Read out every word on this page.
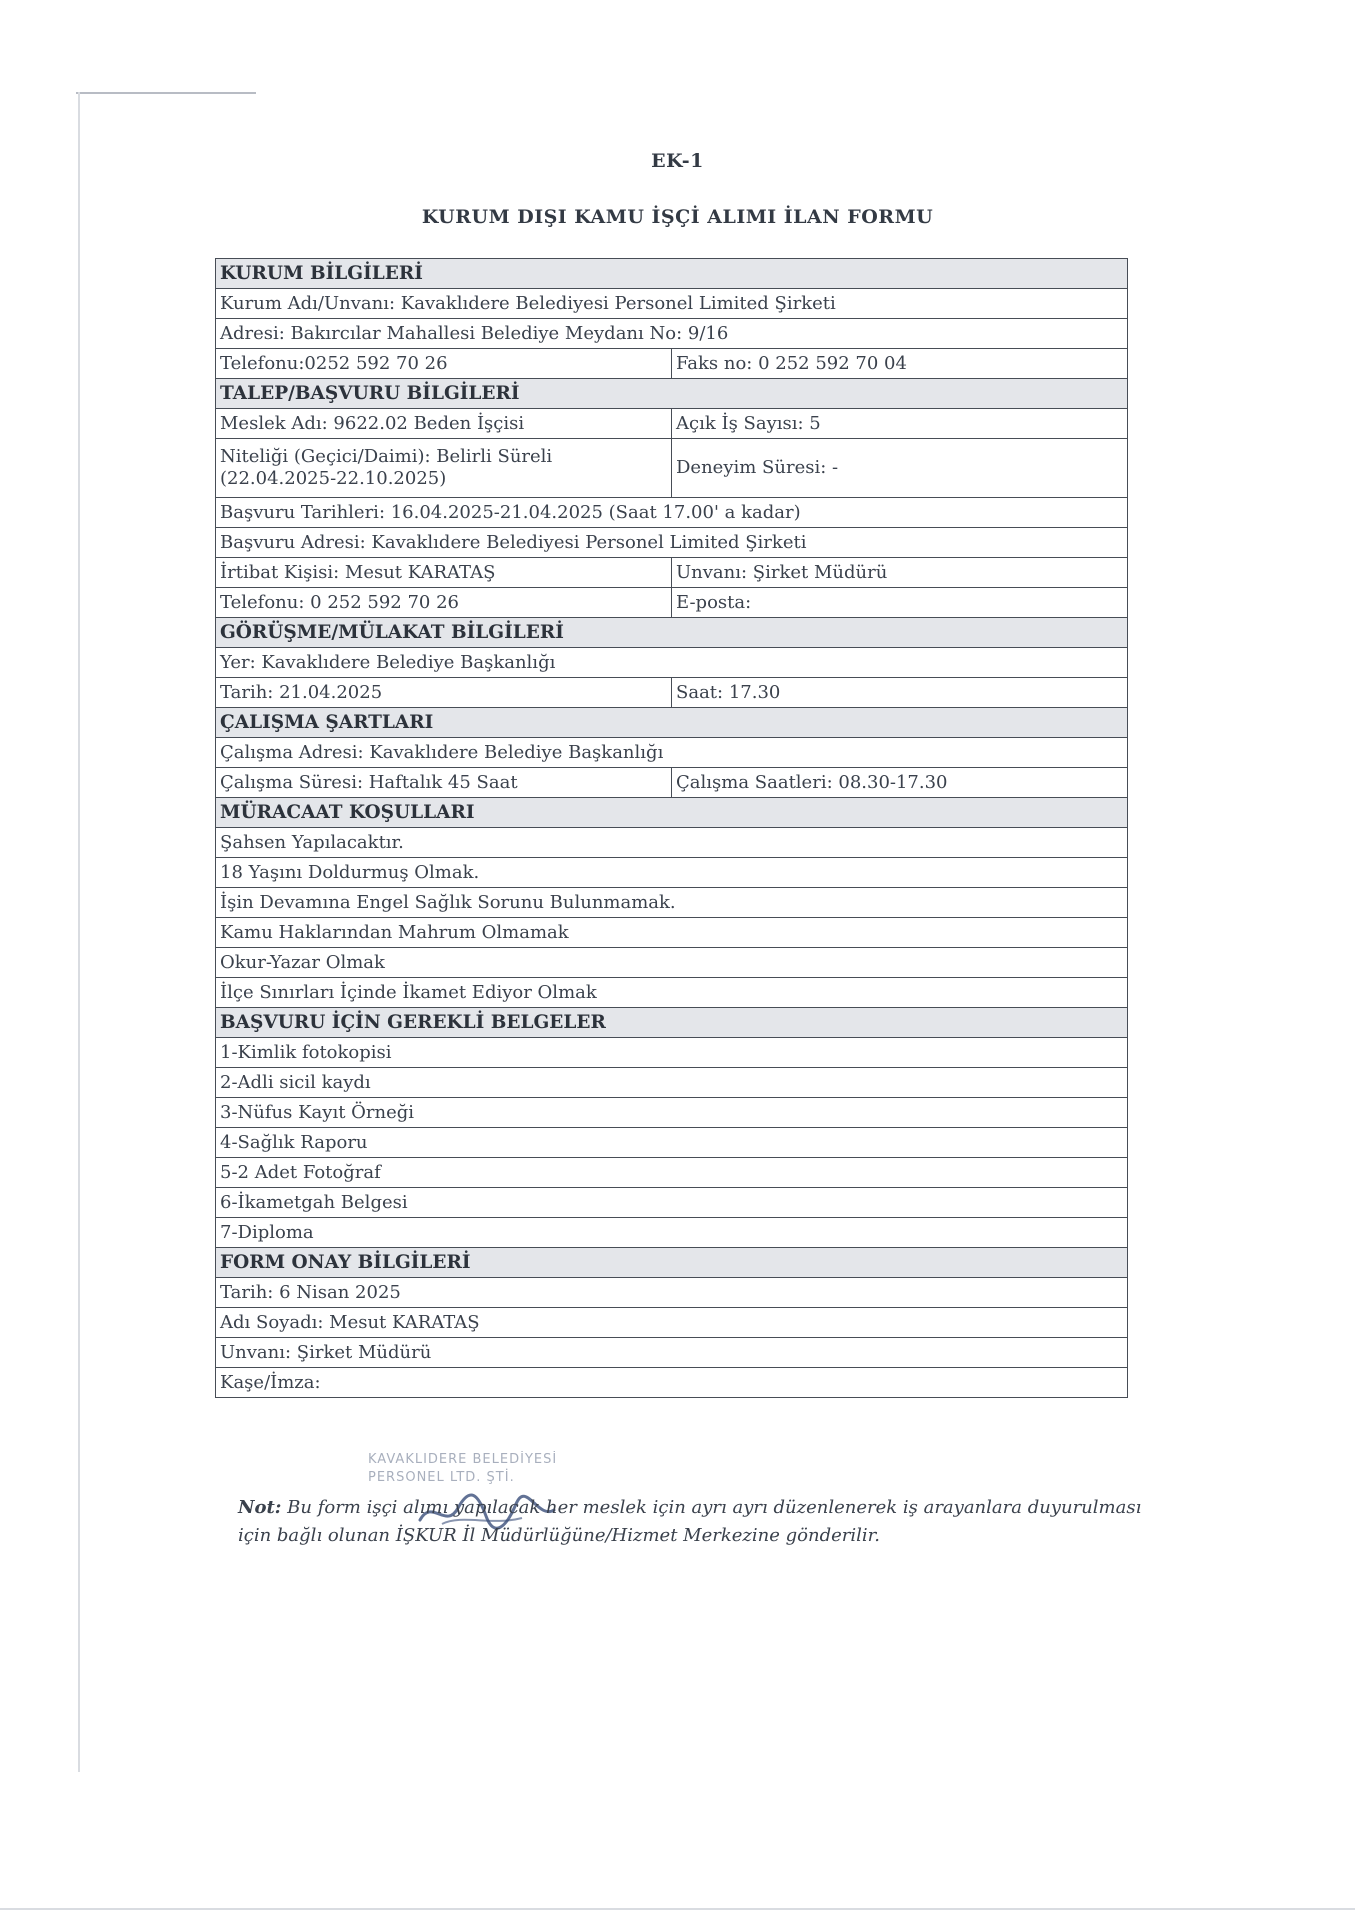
EK-1
KURUM DIŞI KAMU İŞÇİ ALIMI İLAN FORMU
KURUM BİLGİLERİ	
Kurum Adı/Unvanı: Kavaklıdere Belediyesi Personel Limited Şirketi	
Adresi: Bakırcılar Mahallesi Belediye Meydanı No: 9/16	
Telefonu:0252 592 70 26	Faks no: 0 252 592 70 04
TALEP/BAŞVURU BİLGİLERİ	
Meslek Adı: 9622.02 Beden İşçisi	Açık İş Sayısı: 5
Niteliği (Geçici/Daimi): Belirli Süreli (22.04.2025-22.10.2025)	Deneyim Süresi: -
Başvuru Tarihleri: 16.04.2025-21.04.2025 (Saat 17.00' a kadar)	
Başvuru Adresi: Kavaklıdere Belediyesi Personel Limited Şirketi	
İrtibat Kişisi: Mesut KARATAŞ	Unvanı: Şirket Müdürü
Telefonu: 0 252 592 70 26	E-posta:
GÖRÜŞME/MÜLAKAT BİLGİLERİ	
Yer: Kavaklıdere Belediye Başkanlığı	
Tarih: 21.04.2025	Saat: 17.30
ÇALIŞMA ŞARTLARI	
Çalışma Adresi: Kavaklıdere Belediye Başkanlığı	
Çalışma Süresi: Haftalık 45 Saat	Çalışma Saatleri: 08.30-17.30
MÜRACAAT KOŞULLARI	
Şahsen Yapılacaktır.	
18 Yaşını Doldurmuş Olmak.	
İşin Devamına Engel Sağlık Sorunu Bulunmamak.	
Kamu Haklarından Mahrum Olmamak	
Okur-Yazar Olmak	
İlçe Sınırları İçinde İkamet Ediyor Olmak	
BAŞVURU İÇİN GEREKLİ BELGELER	
1-Kimlik fotokopisi	
2-Adli sicil kaydı	
3-Nüfus Kayıt Örneği	
4-Sağlık Raporu	
5-2 Adet Fotoğraf	
6-İkametgah Belgesi	
7-Diploma	
FORM ONAY BİLGİLERİ	
Tarih: 6 Nisan 2025	
Adı Soyadı: Mesut KARATAŞ	
Unvanı: Şirket Müdürü	
Kaşe/İmza:	
KAVAKLIDERE BELEDİYESİ
PERSONEL LTD. ŞTİ.
Not: Bu form işçi alımı yapılacak her meslek için ayrı ayrı düzenlenerek iş arayanlara duyurulması için bağlı olunan İŞKUR İl Müdürlüğüne/Hizmet Merkezine gönderilir.
